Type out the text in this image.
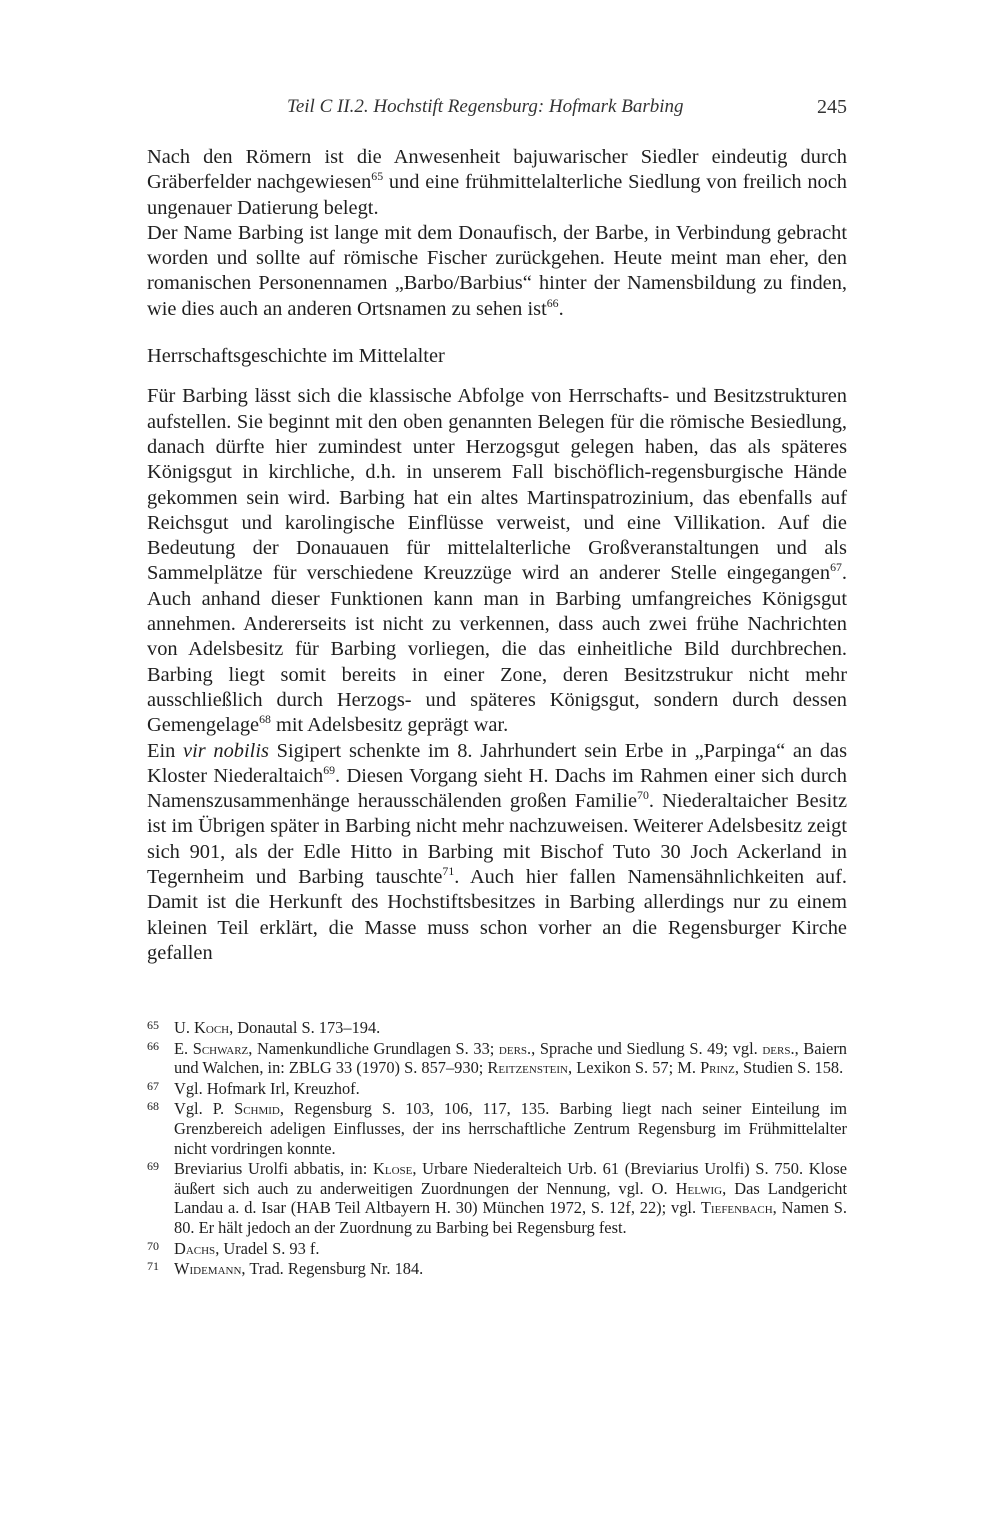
Teil C II.2. Hochstift Regensburg: Hofmark Barbing	245

Nach den Römern ist die Anwesenheit bajuwarischer Siedler eindeutig durch Gräberfelder nachgewiesen$^{65}$ und eine frühmittelalterliche Siedlung von freilich noch ungenauer Datierung belegt.

Der Name Barbing ist lange mit dem Donaufisch, der Barbe, in Verbindung gebracht worden und sollte auf römische Fischer zurückgehen. Heute meint man eher, den romanischen Personennamen „Barbo/Barbius“ hinter der Namensbildung zu finden, wie dies auch an anderen Ortsnamen zu sehen ist$^{66}$.

Herrschaftsgeschichte im Mittelalter

Für Barbing lässt sich die klassische Abfolge von Herrschafts- und Besitzstrukturen aufstellen. Sie beginnt mit den oben genannten Belegen für die römische Besiedlung, danach dürfte hier zumindest unter Herzogsgut gelegen haben, das als späteres Königsgut in kirchliche, d.h. in unserem Fall bischöflich-regensburgische Hände gekommen sein wird. Barbing hat ein altes Martinspatrozinium, das ebenfalls auf Reichsgut und karolingische Einflüsse verweist, und eine Villikation. Auf die Bedeutung der Donauauen für mittelalterliche Großveranstaltungen und als Sammelplätze für verschiedene Kreuzzüge wird an anderer Stelle eingegangen$^{67}$. Auch anhand dieser Funktionen kann man in Barbing umfangreiches Königsgut annehmen. Andererseits ist nicht zu verkennen, dass auch zwei frühe Nachrichten von Adelsbesitz für Barbing vorliegen, die das einheitliche Bild durchbrechen. Barbing liegt somit bereits in einer Zone, deren Besitzstrukur nicht mehr ausschließlich durch Herzogs- und späteres Königsgut, sondern durch dessen Gemengelage$^{68}$ mit Adelsbesitz geprägt war.

Ein vir nobilis Sigipert schenkte im 8. Jahrhundert sein Erbe in „Parpinga“ an das Kloster Niederaltaich$^{69}$. Diesen Vorgang sieht H. Dachs im Rahmen einer sich durch Namenszusammenhänge herausschälenden großen Familie$^{70}$. Niederaltaicher Besitz ist im Übrigen später in Barbing nicht mehr nachzuweisen. Weiterer Adelsbesitz zeigt sich 901, als der Edle Hitto in Barbing mit Bischof Tuto 30 Joch Ackerland in Tegernheim und Barbing tauschte$^{71}$. Auch hier fallen Namensähnlichkeiten auf. Damit ist die Herkunft des Hochstiftsbesitzes in Barbing allerdings nur zu einem kleinen Teil erklärt, die Masse muss schon vorher an die Regensburger Kirche gefallen

65 U. Koch, Donautal S. 173–194.
66 E. Schwarz, Namenkundliche Grundlagen S. 33; ders., Sprache und Siedlung S. 49; vgl. ders., Baiern und Walchen, in: ZBLG 33 (1970) S. 857–930; Reitzenstein, Lexikon S. 57; M. Prinz, Studien S. 158.
67 Vgl. Hofmark Irl, Kreuzhof.
68 Vgl. P. Schmid, Regensburg S. 103, 106, 117, 135. Barbing liegt nach seiner Einteilung im Grenzbereich adeligen Einflusses, der ins herrschaftliche Zentrum Regensburg im Frühmittelalter nicht vordringen konnte.
69 Breviarius Urolfi abbatis, in: Klose, Urbare Niederalteich Urb. 61 (Breviarius Urolfi) S. 750. Klose äußert sich auch zu anderweitigen Zuordnungen der Nennung, vgl. O. Helwig, Das Landgericht Landau a. d. Isar (HAB Teil Altbayern H. 30) München 1972, S. 12f, 22); vgl. Tiefenbach, Namen S. 80. Er hält jedoch an der Zuordnung zu Barbing bei Regensburg fest.
70 Dachs, Uradel S. 93 f.
71 Widemann, Trad. Regensburg Nr. 184.
